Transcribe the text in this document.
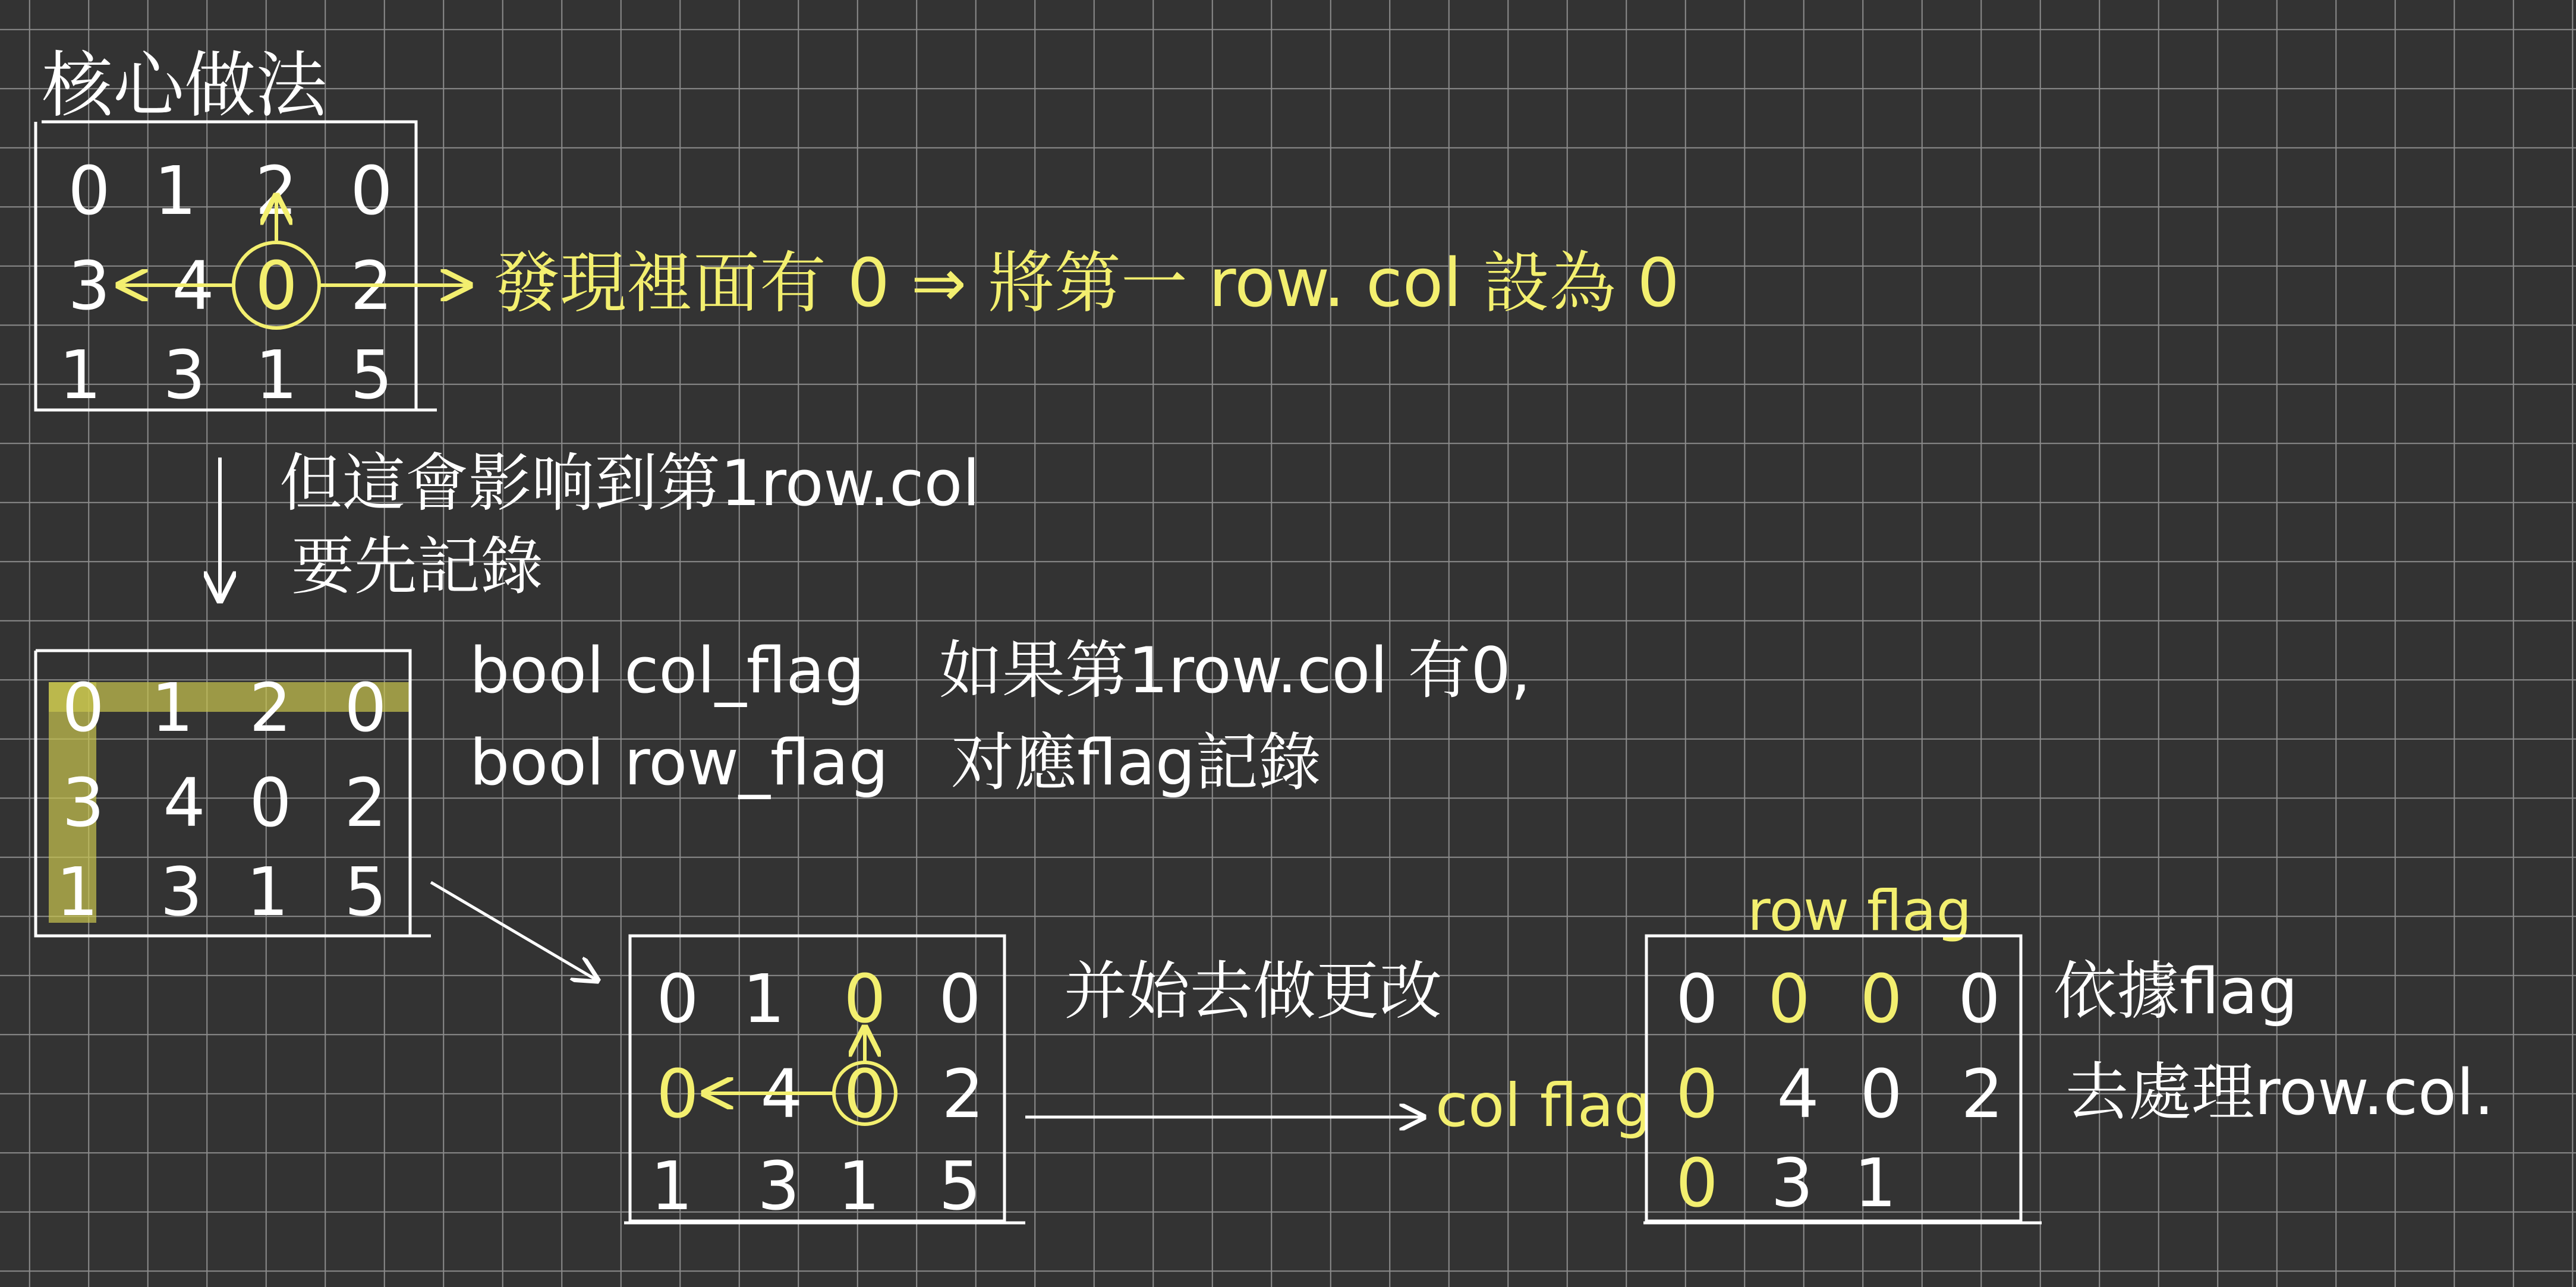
核心做法
0 1 2 0
3 4 2
1 3 1 5
0	發現裡面有 0 ⇒ 將第一 row. col 設為 0
但這會影响到第1row.col
要先記錄
0 1 2 0
3 4 0 2
1 3 1 5
bool col_flag
bool row_flag
如果第1row.col 有0,
对應flag記錄
0 1 0
4 2
1 3 1 5
0
0 0
并始去做更改
col flag
row flag
0	0
4 0 2
3 1
0 0
0
0
依據flag
去處理row.col.
